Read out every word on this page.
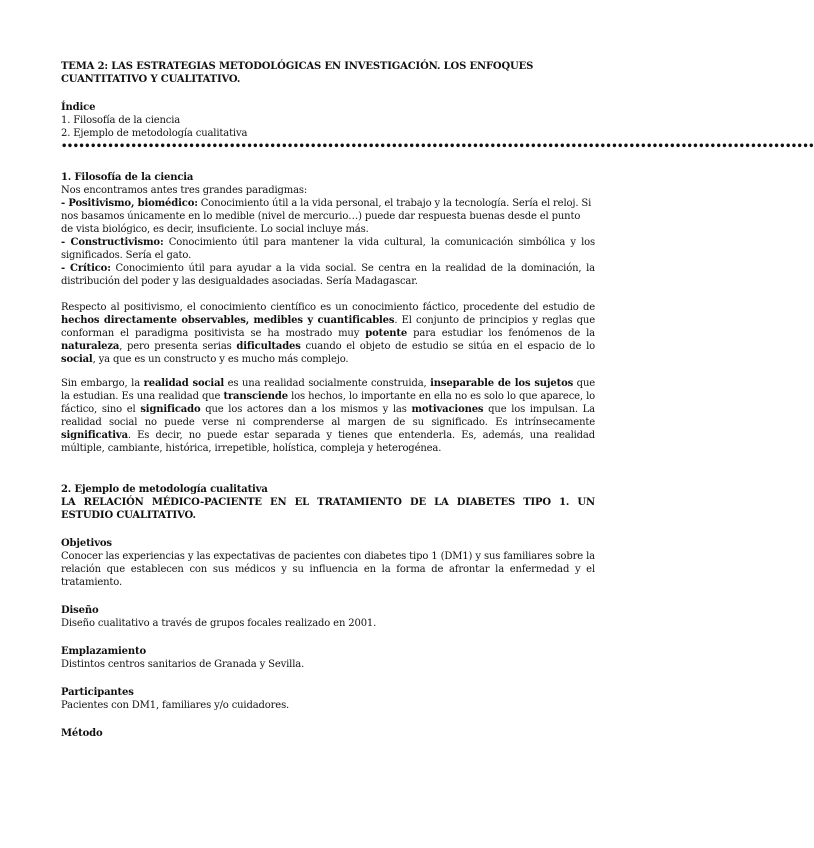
TEMA 2: LAS ESTRATEGIAS METODOLÓGICAS EN INVESTIGACIÓN. LOS ENFOQUES CUANTITATIVO Y CUALITATIVO.

Índice

1. Filosofía de la ciencia

2. Ejemplo de metodología cualitativa

••••••••••••••••••••••••••••••••••••••••••••••••••••••••••••••••••••••••••••••••••••••••••••••••••••••••••••••••••••••••••••••••••

1. Filosofía de la ciencia

Nos encontramos antes tres grandes paradigmas:

- Positivismo, biomédico: Conocimiento útil a la vida personal, el trabajo y la tecnología. Sería el reloj. Si nos basamos únicamente en lo medible (nivel de mercurio…) puede dar respuesta buenas desde el punto de vista biológico, es decir, insuficiente. Lo social incluye más.

- Constructivismo: Conocimiento útil para mantener la vida cultural, la comunicación simbólica y los significados. Sería el gato.

- Crítico: Conocimiento útil para ayudar a la vida social. Se centra en la realidad de la dominación, la distribución del poder y las desigualdades asociadas. Sería Madagascar.

Respecto al positivismo, el conocimiento científico es un conocimiento fáctico, procedente del estudio de hechos directamente observables, medibles y cuantificables. El conjunto de principios y reglas que conforman el paradigma positivista se ha mostrado muy potente para estudiar los fenómenos de la naturaleza, pero presenta serias dificultades cuando el objeto de estudio se sitúa en el espacio de lo social, ya que es un constructo y es mucho más complejo.

Sin embargo, la realidad social es una realidad socialmente construida, inseparable de los sujetos que la estudian. Es una realidad que transciende los hechos, lo importante en ella no es solo lo que aparece, lo fáctico, sino el significado que los actores dan a los mismos y las motivaciones que los impulsan. La realidad social no puede verse ni comprenderse al margen de su significado. Es intrínsecamente significativa. Es decir, no puede estar separada y tienes que entenderla. Es, además, una realidad múltiple, cambiante, histórica, irrepetible, holística, compleja y heterogénea.

2. Ejemplo de metodología cualitativa

LA RELACIÓN MÉDICO-PACIENTE EN EL TRATAMIENTO DE LA DIABETES TIPO 1. UN ESTUDIO CUALITATIVO.

Objetivos

Conocer las experiencias y las expectativas de pacientes con diabetes tipo 1 (DM1) y sus familiares sobre la relación que establecen con sus médicos y su influencia en la forma de afrontar la enfermedad y el tratamiento.

Diseño

Diseño cualitativo a través de grupos focales realizado en 2001.

Emplazamiento

Distintos centros sanitarios de Granada y Sevilla.

Participantes

Pacientes con DM1, familiares y/o cuidadores.

Método
